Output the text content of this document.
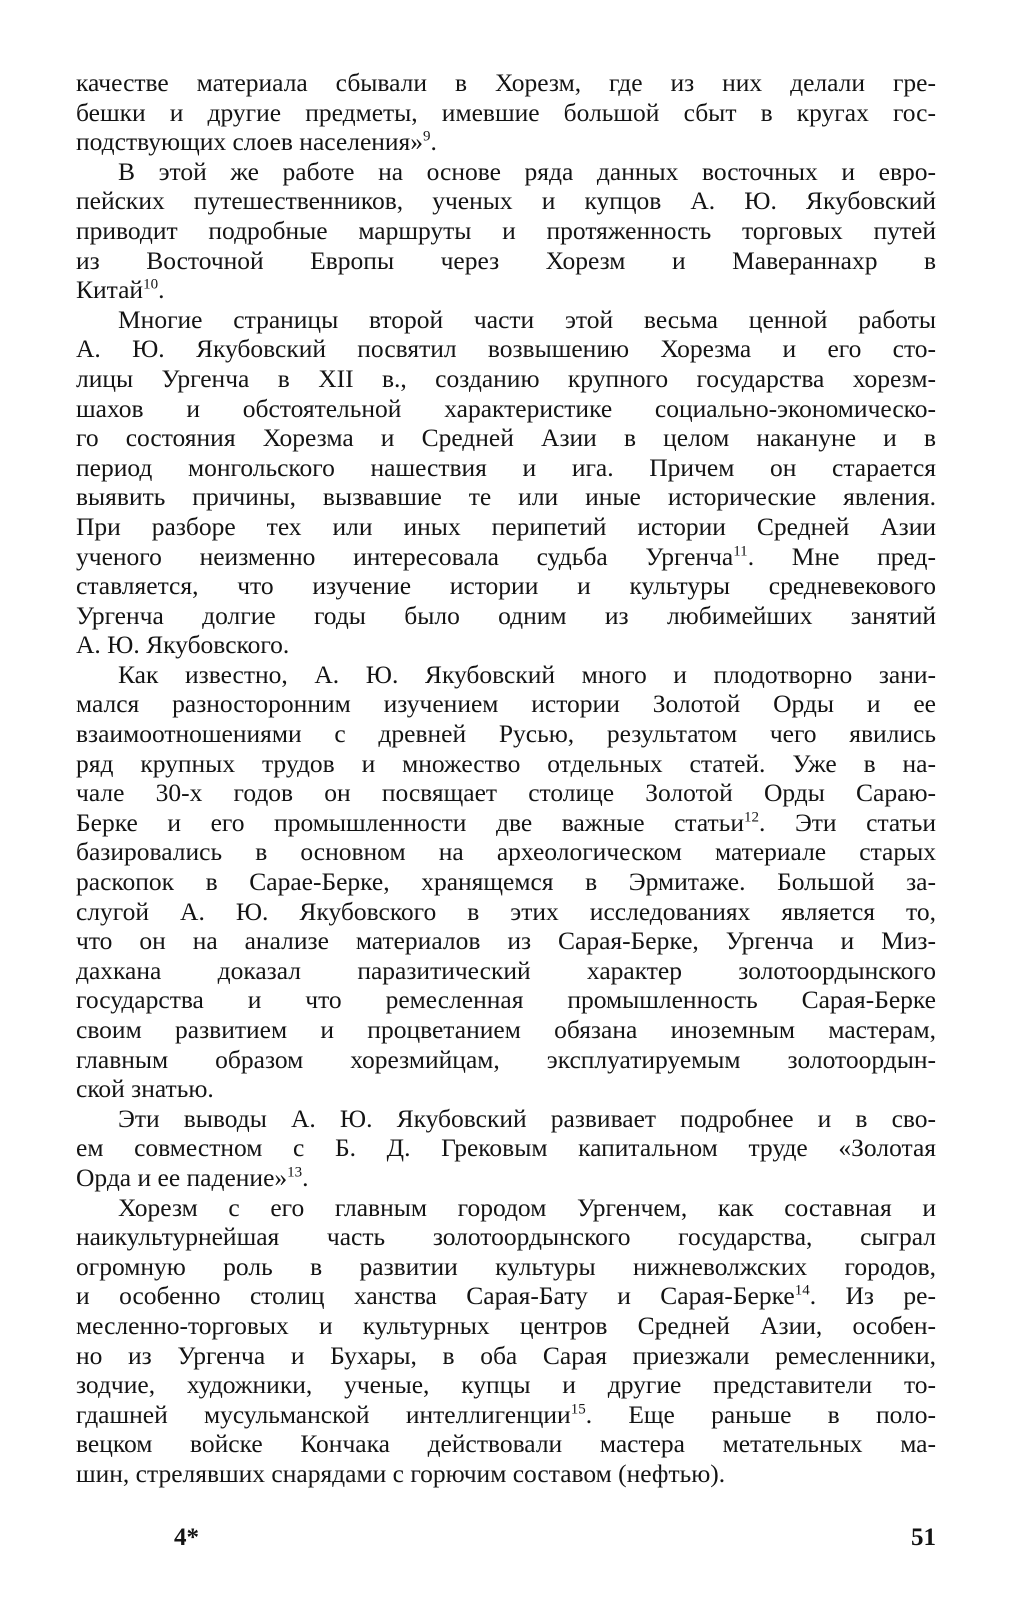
качестве материала сбывали в Хорезм, где из них делали гре-
бешки и другие предметы, имевшие большой сбыт в кругах гос-
подствующих слоев населения»$^9$.
В этой же работе на основе ряда данных восточных и евро-
пейских путешественников, ученых и купцов А. Ю. Якубовский
приводит подробные маршруты и протяженность торговых путей
из Восточной Европы через Хорезм и Мавераннахр в
Китай$^{10}$.
Многие страницы второй части этой весьма ценной работы
А. Ю. Якубовский посвятил возвышению Хорезма и его сто-
лицы Ургенча в XII в., созданию крупного государства хорезм-
шахов и обстоятельной характеристике социально-экономическо-
го состояния Хорезма и Средней Азии в целом накануне и в
период монгольского нашествия и ига. Причем он старается
выявить причины, вызвавшие те или иные исторические явления.
При разборе тех или иных перипетий истории Средней Азии
ученого неизменно интересовала судьба Ургенча$^{11}$. Мне пред-
ставляется, что изучение истории и культуры средневекового
Ургенча долгие годы было одним из любимейших занятий
А. Ю. Якубовского.
Как известно, А. Ю. Якубовский много и плодотворно зани-
мался разносторонним изучением истории Золотой Орды и ее
взаимоотношениями с древней Русью, результатом чего явились
ряд крупных трудов и множество отдельных статей. Уже в на-
чале 30-х годов он посвящает столице Золотой Орды Сараю-
Берке и его промышленности две важные статьи$^{12}$. Эти статьи
базировались в основном на археологическом материале старых
раскопок в Сарае-Берке, хранящемся в Эрмитаже. Большой за-
слугой А. Ю. Якубовского в этих исследованиях является то,
что он на анализе материалов из Сарая-Берке, Ургенча и Миз-
дахкана доказал паразитический характер золотоордынского
государства и что ремесленная промышленность Сарая-Берке
своим развитием и процветанием обязана иноземным мастерам,
главным образом хорезмийцам, эксплуатируемым золотоордын-
ской знатью.
Эти выводы А. Ю. Якубовский развивает подробнее и в сво-
ем совместном с Б. Д. Грековым капитальном труде «Золотая
Орда и ее падение»$^{13}$.
Хорезм с его главным городом Ургенчем, как составная и
наикультурнейшая часть золотоордынского государства, сыграл
огромную роль в развитии культуры нижневолжских городов,
и особенно столиц ханства Сарая-Бату и Сарая-Берке$^{14}$. Из ре-
месленно-торговых и культурных центров Средней Азии, особен-
но из Ургенча и Бухары, в оба Сарая приезжали ремесленники,
зодчие, художники, ученые, купцы и другие представители то-
гдашней мусульманской интеллигенции$^{15}$. Еще раньше в поло-
вецком войске Кончака действовали мастера метательных ма-
шин, стрелявших снарядами с горючим составом (нефтью).
4*	51
